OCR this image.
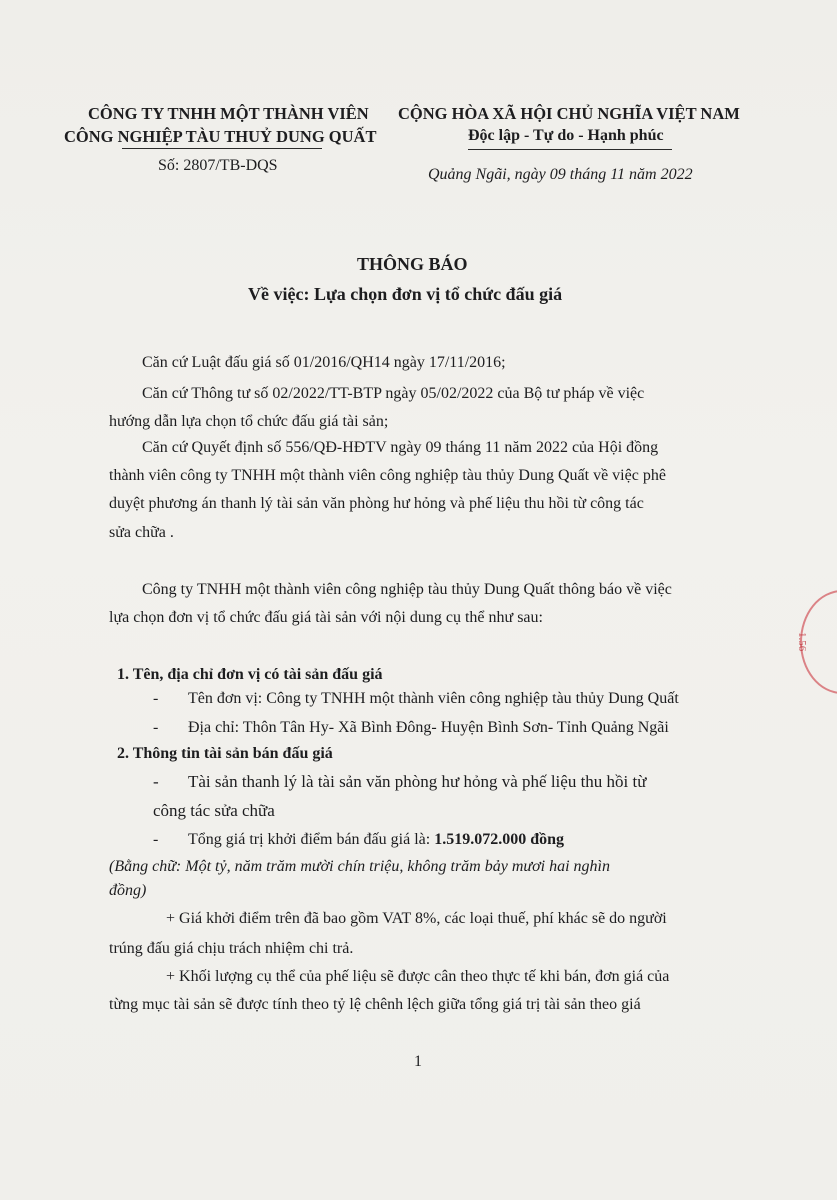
CÔNG TY TNHH MỘT THÀNH VIÊN
CÔNG NGHIỆP TÀU THUỶ DUNG QUẤT
Số: 2807/TB-DQS
CỘNG HÒA XÃ HỘI CHỦ NGHĨA VIỆT NAM
Độc lập - Tự do - Hạnh phúc
Quảng Ngãi, ngày 09 tháng 11 năm 2022
THÔNG BÁO
Về việc: Lựa chọn đơn vị tổ chức đấu giá
Căn cứ Luật đấu giá số 01/2016/QH14 ngày 17/11/2016;
Căn cứ Thông tư số 02/2022/TT-BTP ngày 05/02/2022 của Bộ tư pháp về việc
hướng dẫn lựa chọn tổ chức đấu giá tài sản;
Căn cứ Quyết định số 556/QĐ-HĐTV ngày 09 tháng 11 năm 2022 của Hội đồng
thành viên công ty TNHH một thành viên công nghiệp tàu thủy Dung Quất về việc phê
duyệt phương án thanh lý tài sản văn phòng hư hỏng và phế liệu thu hồi từ công tác
sửa chữa .
Công ty TNHH một thành viên công nghiệp tàu thủy Dung Quất thông báo về việc
lựa chọn đơn vị tổ chức đấu giá tài sản với nội dung cụ thể như sau:
1. Tên, địa chỉ đơn vị có tài sản đấu giá
- Tên đơn vị: Công ty TNHH một thành viên công nghiệp tàu thủy Dung Quất
- Địa chỉ: Thôn Tân Hy- Xã Bình Đông- Huyện Bình Sơn- Tỉnh Quảng Ngãi
2. Thông tin tài sản bán đấu giá
- Tài sản thanh lý là tài sản văn phòng hư hỏng và phế liệu thu hồi từ
công tác sửa chữa
- Tổng giá trị khởi điểm bán đấu giá là: 1.519.072.000 đồng
(Bằng chữ: Một tỷ, năm trăm mười chín triệu, không trăm bảy mươi hai nghìn
đồng)
+ Giá khởi điểm trên đã bao gồm VAT 8%, các loại thuế, phí khác sẽ do người
trúng đấu giá chịu trách nhiệm chi trả.
+ Khối lượng cụ thể của phế liệu sẽ được cân theo thực tế khi bán, đơn giá của
từng mục tài sản sẽ được tính theo tỷ lệ chênh lệch giữa tổng giá trị tài sản theo giá
1
1.56
